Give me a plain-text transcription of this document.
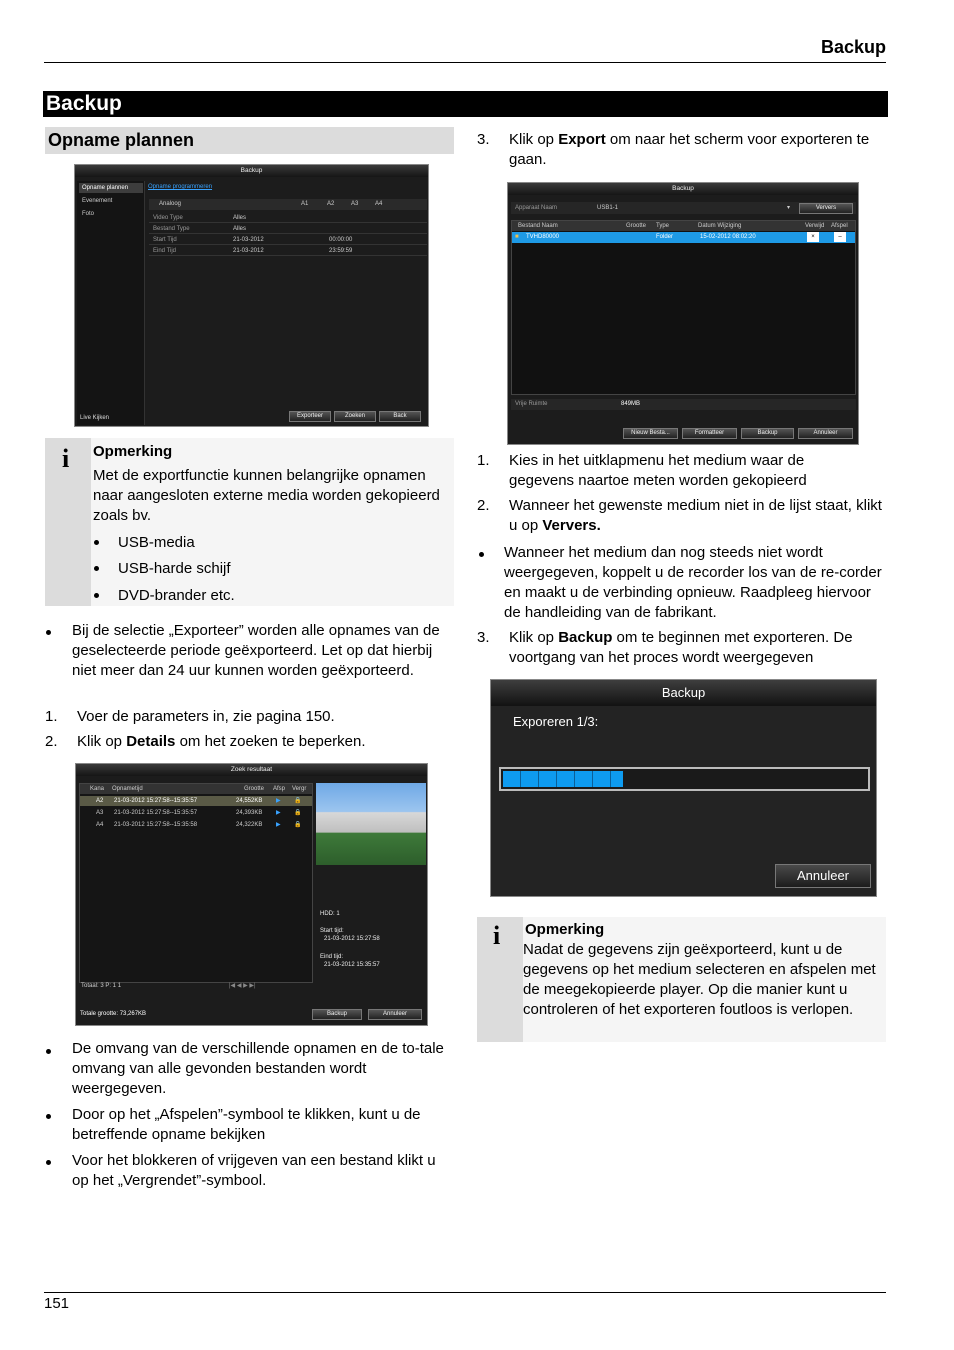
Backup
Backup
Opname plannen
Backup
Opname plannen
Evenement
Foto
Live Kijken
Opname programmeren
Analoog	A1	A2	A3	A4
Video Type	Alles
Bestand Type	Alles
Start Tijd	21-03-2012	00:00:00
Eind Tijd	21-03-2012	23:59:59
Exporteer	Zoeken	Back
i Opmerking
Met de exportfunctie kunnen belangrijke opnamen naar aangesloten externe media worden gekopieerd zoals bv.
USB-media
USB-harde schijf
DVD-brander etc.
Bij de selectie „Exporteer” worden alle opnames van de geselecteerde periode geëxporteerd. Let op dat hierbij niet meer dan 24 uur kunnen worden geëxporteerd.
1. Voer de parameters in, zie pagina 150.
2. Klik op Details om het zoeken te beperken.
Zoek resultaat
Kana Opnametijd	Grootte Afsp Vergr
A2 21-03-2012 15:27:58--15:35:57	24,552KB ▶ 🔒
A3 21-03-2012 15:27:58--15:35:57	24,393KB ▶ 🔒
A4 21-03-2012 15:27:58--15:35:58	24,322KB ▶ 🔒
HDD: 1
Start tijd:
21-03-2012 15:27:58
Eind tijd:
21-03-2012 15:35:57
Totaal: 3 P: 1 1	|◀ ◀ ▶ ▶|
Totale grootte: 73,267KB	Backup	Annuleer
De omvang van de verschillende opnamen en de to-tale omvang van alle gevonden bestanden wordt weergegeven.
Door op het „Afspelen”-symbool te klikken, kunt u de betreffende opname bekijken
Voor het blokkeren of vrijgeven van een bestand klikt u op het „Vergrendet”-symbool.
3. Klik op Export om naar het scherm voor exporteren te gaan.
Backup
Apparaat Naam	USB1-1	▾	Ververs
Bestand Naam	Grootte Type	Datum Wijziging	Verwijd Afspel
■ TVHD80000	Folder	15-02-2012 08:02:20	×	–
Vrije Ruimte	849MB
Nieuw Besta...	Formatteer	Backup	Annuleer
1. Kies in het uitklapmenu het medium waar de gegevens naartoe meten worden gekopieerd
2. Wanneer het gewenste medium niet in de lijst staat, klikt u op Ververs.
Wanneer het medium dan nog steeds niet wordt weergegeven, koppelt u de recorder los van de re-corder en maakt u de verbinding opnieuw. Raadpleeg hiervoor de handleiding van de fabrikant.
3. Klik op Backup om te beginnen met exporteren. De voortgang van het proces wordt weergegeven
Backup
Exporeren 1/3:
Annuleer
i Opmerking
Nadat de gegevens zijn geëxporteerd, kunt u de gegevens op het medium selecteren en afspelen met de meegekopieerde player. Op die manier kunt u controleren of het exporteren foutloos is verlopen.
151
